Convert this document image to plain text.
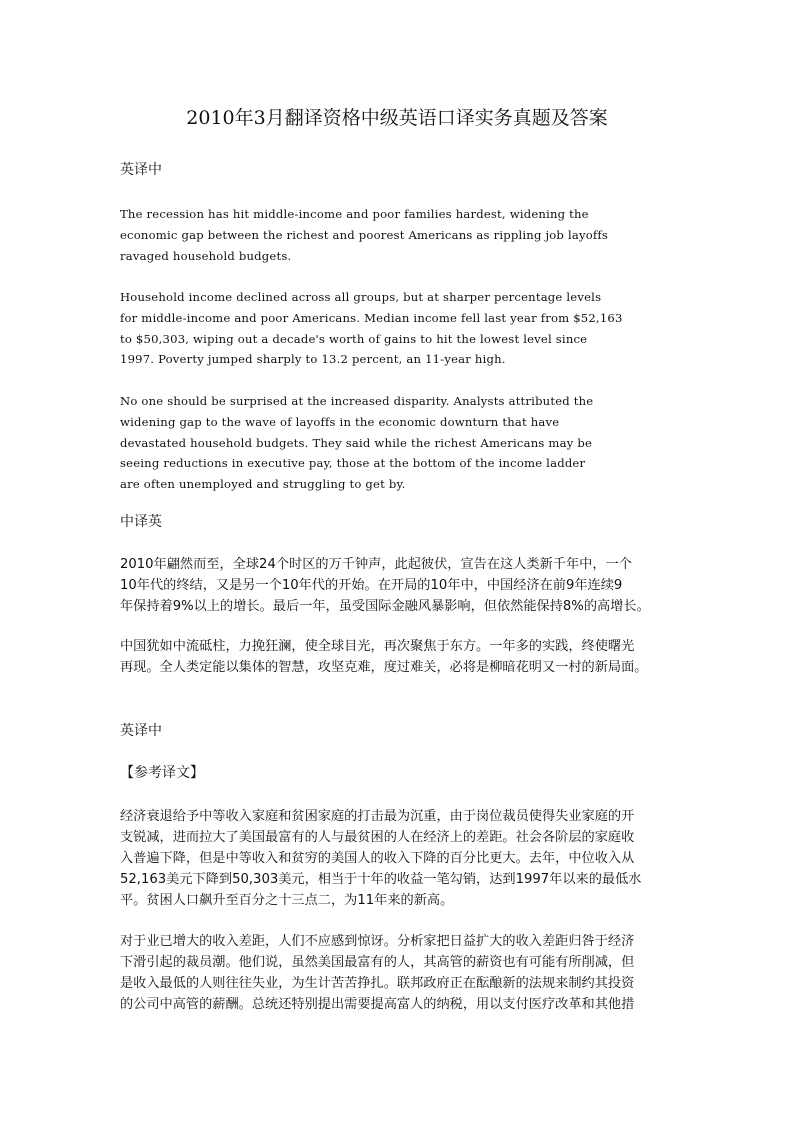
2010年3月翻译资格中级英语口译实务真题及答案
英译中
The recession has hit middle-income and poor families hardest, widening the
economic gap between the richest and poorest Americans as rippling job layoffs
ravaged household budgets.
Household income declined across all groups, but at sharper percentage levels
for middle-income and poor Americans. Median income fell last year from $52,163
to $50,303, wiping out a decade's worth of gains to hit the lowest level since
1997. Poverty jumped sharply to 13.2 percent, an 11-year high.
No one should be surprised at the increased disparity. Analysts attributed the
widening gap to the wave of layoffs in the economic downturn that have
devastated household budgets. They said while the richest Americans may be
seeing reductions in executive pay, those at the bottom of the income ladder
are often unemployed and struggling to get by.
中译英
2010年翩然而至，全球24个时区的万千钟声，此起彼伏，宣告在这人类新千年中，一个
10年代的终结，又是另一个10年代的开始。在开局的10年中，中国经济在前9年连续9
年保持着9%以上的增长。最后一年，虽受国际金融风暴影响，但依然能保持8%的高增长。
中国犹如中流砥柱，力挽狂澜，使全球目光，再次聚焦于东方。一年多的实践，终使曙光
再现。全人类定能以集体的智慧，攻坚克难，度过难关，必将是柳暗花明又一村的新局面。
英译中
【参考译文】
经济衰退给予中等收入家庭和贫困家庭的打击最为沉重，由于岗位裁员使得失业家庭的开
支锐减，进而拉大了美国最富有的人与最贫困的人在经济上的差距。社会各阶层的家庭收
入普遍下降，但是中等收入和贫穷的美国人的收入下降的百分比更大。去年，中位收入从
52,163美元下降到50,303美元，相当于十年的收益一笔勾销，达到1997年以来的最低水
平。贫困人口飙升至百分之十三点二，为11年来的新高。
对于业已增大的收入差距，人们不应感到惊讶。分析家把日益扩大的收入差距归咎于经济
下滑引起的裁员潮。他们说，虽然美国最富有的人，其高管的薪资也有可能有所削减，但
是收入最低的人则往往失业，为生计苦苦挣扎。联邦政府正在酝酿新的法规来制约其投资
的公司中高管的薪酬。总统还特别提出需要提高富人的纳税，用以支付医疗改革和其他措
